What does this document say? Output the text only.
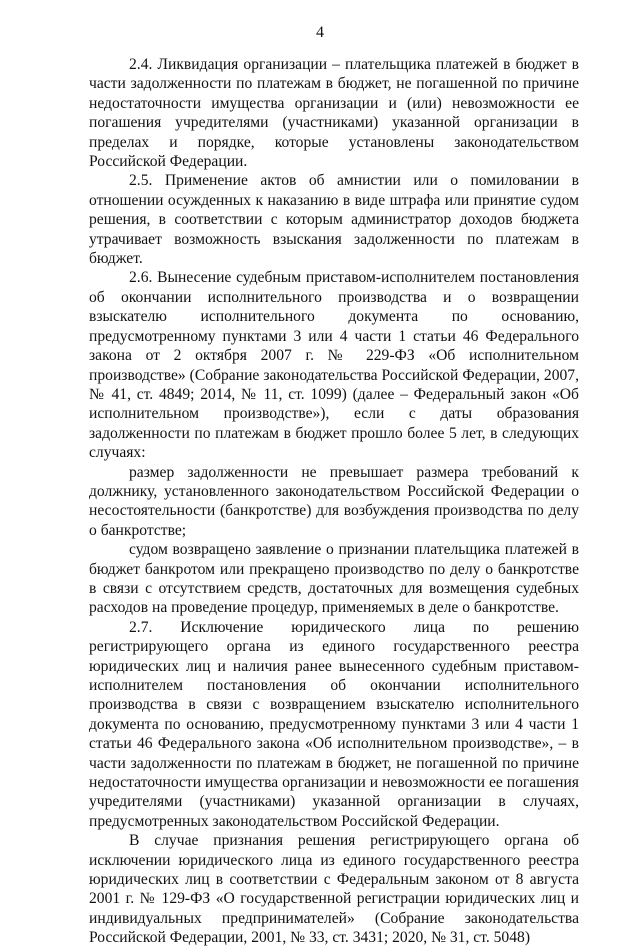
4

2.4. Ликвидация организации – плательщика платежей в бюджет в части задолженности по платежам в бюджет, не погашенной по причине недостаточности имущества организации и (или) невозможности ее погашения учредителями (участниками) указанной организации в пределах и порядке, которые установлены законодательством Российской Федерации.

2.5. Применение актов об амнистии или о помиловании в отношении осужденных к наказанию в виде штрафа или принятие судом решения, в соответствии с которым администратор доходов бюджета утрачивает возможность взыскания задолженности по платежам в бюджет.

2.6. Вынесение судебным приставом-исполнителем постановления об окончании исполнительного производства и о возвращении взыскателю исполнительного документа по основанию, предусмотренному пунктами 3 или 4 части 1 статьи 46 Федерального закона от 2 октября 2007 г. № 229-ФЗ «Об исполнительном производстве» (Собрание законодательства Российской Федерации, 2007, № 41, ст. 4849; 2014, № 11, ст. 1099) (далее – Федеральный закон «Об исполнительном производстве»), если с даты образования задолженности по платежам в бюджет прошло более 5 лет, в следующих случаях:

размер задолженности не превышает размера требований к должнику, установленного законодательством Российской Федерации о несостоятельности (банкротстве) для возбуждения производства по делу о банкротстве;

судом возвращено заявление о признании плательщика платежей в бюджет банкротом или прекращено производство по делу о банкротстве в связи с отсутствием средств, достаточных для возмещения судебных расходов на проведение процедур, применяемых в деле о банкротстве.

2.7. Исключение юридического лица по решению регистрирующего органа из единого государственного реестра юридических лиц и наличия ранее вынесенного судебным приставом-исполнителем постановления об окончании исполнительного производства в связи с возвращением взыскателю исполнительного документа по основанию, предусмотренному пунктами 3 или 4 части 1 статьи 46 Федерального закона «Об исполнительном производстве», – в части задолженности по платежам в бюджет, не погашенной по причине недостаточности имущества организации и невозможности ее погашения учредителями (участниками) указанной организации в случаях, предусмотренных законодательством Российской Федерации.

В случае признания решения регистрирующего органа об исключении юридического лица из единого государственного реестра юридических лиц в соответствии с Федеральным законом от 8 августа 2001 г. № 129-ФЗ «О государственной регистрации юридических лиц и индивидуальных предпринимателей» (Собрание законодательства Российской Федерации, 2001, № 33, ст. 3431; 2020, № 31, ст. 5048)
